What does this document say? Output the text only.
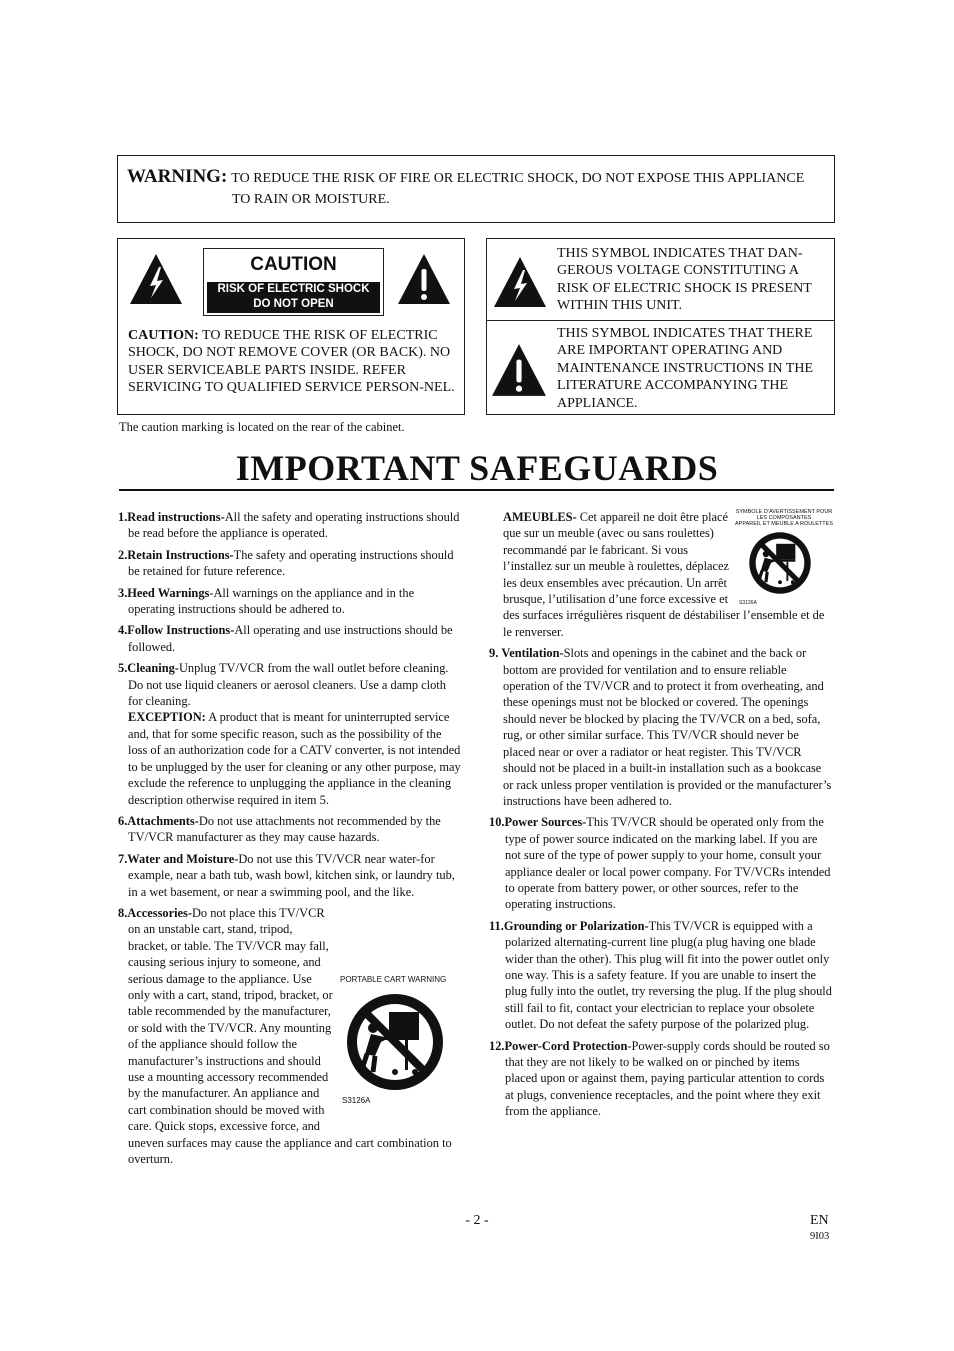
WARNING: TO REDUCE THE RISK OF FIRE OR ELECTRIC SHOCK, DO NOT EXPOSE THIS APPLIANCE
TO RAIN OR MOISTURE.
CAUTION
RISK OF ELECTRIC SHOCK
DO NOT OPEN
CAUTION: TO REDUCE THE RISK OF ELECTRIC SHOCK, DO NOT REMOVE COVER (OR BACK). NO USER SERVICEABLE PARTS INSIDE. REFER SERVICING TO QUALIFIED SERVICE PERSON-NEL.
THIS SYMBOL INDICATES THAT DAN-GEROUS VOLTAGE CONSTITUTING A RISK OF ELECTRIC SHOCK IS PRESENT WITHIN THIS UNIT.
THIS SYMBOL INDICATES THAT THERE ARE IMPORTANT OPERATING AND MAINTENANCE INSTRUCTIONS IN THE LITERATURE ACCOMPANYING THE APPLIANCE.
The caution marking is located on the rear of the cabinet.
IMPORTANT SAFEGUARDS
1.Read instructions-All the safety and operating instructions should be read before the appliance is operated.
2.Retain Instructions-The safety and operating instructions should be retained for future reference.
3.Heed Warnings-All warnings on the appliance and in the operating instructions should be adhered to.
4.Follow Instructions-All operating and use instructions should be followed.
5.Cleaning-Unplug TV/VCR from the wall outlet before cleaning. Do not use liquid cleaners or aerosol cleaners. Use a damp cloth for cleaning.
EXCEPTION: A product that is meant for uninterrupted service and, that for some specific reason, such as the possibility of the loss of an authorization code for a CATV converter, is not intended to be unplugged by the user for cleaning or any other purpose, may exclude the reference to unplugging the appliance in the cleaning description otherwise required in item 5.
6.Attachments-Do not use attachments not recommended by the TV/VCR manufacturer as they may cause hazards.
7.Water and Moisture-Do not use this TV/VCR near water-for example, near a bath tub, wash bowl, kitchen sink, or laundry tub, in a wet basement, or near a swimming pool, and the like.
PORTABLE CART WARNING
S3126A
8.Accessories-Do not place this TV/VCR on an unstable cart, stand, tripod, bracket, or table. The TV/VCR may fall, causing serious injury to someone, and serious damage to the appliance. Use only with a cart, stand, tripod, bracket, or table recommended by the manufacturer, or sold with the TV/VCR. Any mounting of the appliance should follow the manufacturer’s instructions and should use a mounting accessory recommended by the manufacturer. An appliance and cart combination should be moved with care. Quick stops, excessive force, and uneven surfaces may cause the appliance and cart combination to overturn.
SYMBOLE D’AVERTISSEMENT POUR
LES COMPOSANTES
APPAREIL ET MEUBLE A ROULETTES
S3126A
AMEUBLES- Cet appareil ne doit être placé que sur un meuble (avec ou sans roulettes) recommandé par le fabricant. Si vous l’installez sur un meuble à roulettes, déplacez les deux ensembles avec précaution. Un arrêt brusque, l’utilisation d’une force excessive et des surfaces irrégulières risquent de déstabiliser l’ensemble et de le renverser.
9. Ventilation-Slots and openings in the cabinet and the back or bottom are provided for ventilation and to ensure reliable operation of the TV/VCR and to protect it from overheating, and these openings must not be blocked or covered. The openings should never be blocked by placing the TV/VCR on a bed, sofa, rug, or other similar surface. This TV/VCR should never be placed near or over a radiator or heat register. This TV/VCR should not be placed in a built-in installation such as a bookcase or rack unless proper ventilation is provided or the manufacturer’s instructions have been adhered to.
10.Power Sources-This TV/VCR should be operated only from the type of power source indicated on the marking label. If you are not sure of the type of power supply to your home, consult your appliance dealer or local power company. For TV/VCRs intended to operate from battery power, or other sources, refer to the operating instructions.
11.Grounding or Polarization-This TV/VCR is equipped with a polarized alternating-current line plug(a plug having one blade wider than the other). This plug will fit into the power outlet only one way. This is a safety feature. If you are unable to insert the plug fully into the outlet, try reversing the plug. If the plug should still fail to fit, contact your electrician to replace your obsolete outlet. Do not defeat the safety purpose of the polarized plug.
12.Power-Cord Protection-Power-supply cords should be routed so that they are not likely to be walked on or pinched by items placed upon or against them, paying particular attention to cords at plugs, convenience receptacles, and the point where they exit from the appliance.
- 2 -	EN
9I03
